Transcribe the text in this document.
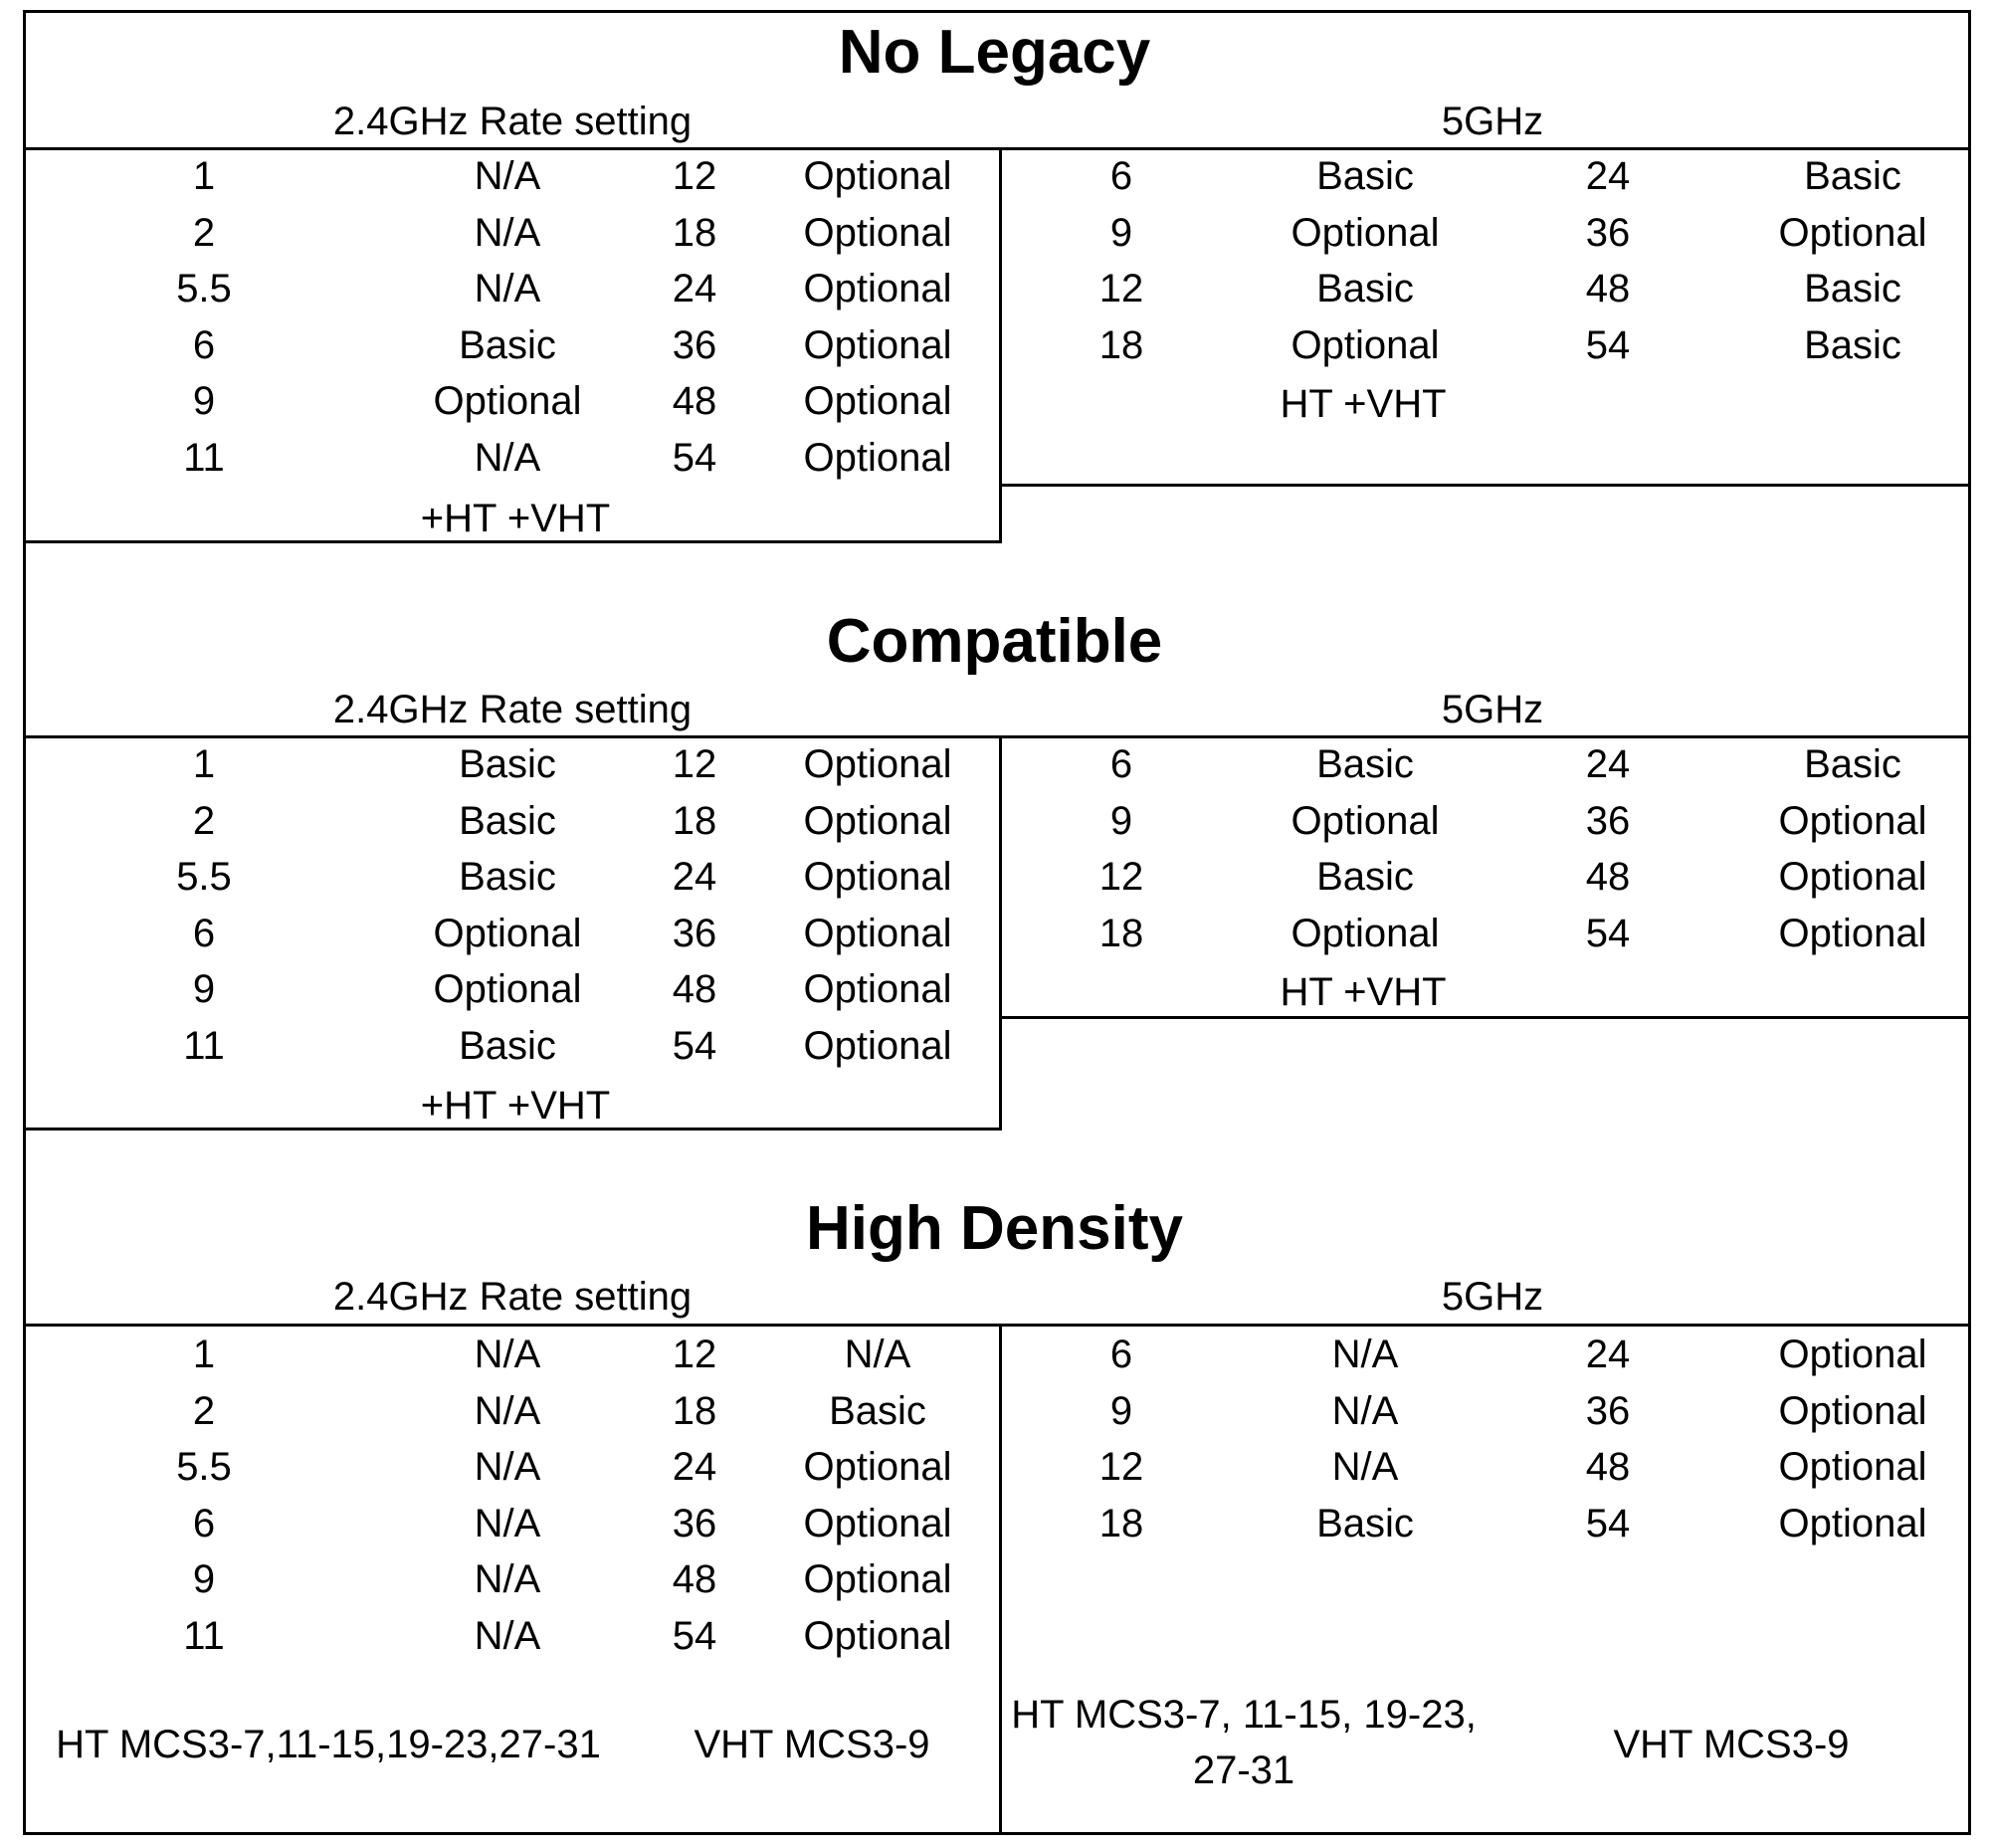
No Legacy
2.4GHz Rate setting	5GHz
1	N/A	12	Optional
2	N/A	18	Optional
5.5	N/A	24	Optional
6	Basic	36	Optional
9	Optional	48	Optional
11	N/A	54	Optional
6	Basic	24	Basic
9	Optional	36	Optional
12	Basic	48	Basic
18	Optional	54	Basic
+HT +VHT
HT +VHT
Compatible
2.4GHz Rate setting	5GHz
1	Basic	12	Optional
2	Basic	18	Optional
5.5	Basic	24	Optional
6	Optional	36	Optional
9	Optional	48	Optional
11	Basic	54	Optional
6	Basic	24	Basic
9	Optional	36	Optional
12	Basic	48	Optional
18	Optional	54	Optional
+HT +VHT
HT +VHT
High Density
2.4GHz Rate setting	5GHz
1	N/A	12	N/A
2	N/A	18	Basic
5.5	N/A	24	Optional
6	N/A	36	Optional
9	N/A	48	Optional
11	N/A	54	Optional
6	N/A	24	Optional
9	N/A	36	Optional
12	N/A	48	Optional
18	Basic	54	Optional
HT MCS3-7,11-15,19-23,27-31	VHT MCS3-9
HT MCS3-7, 11-15, 19-23,
27-31
VHT MCS3-9
